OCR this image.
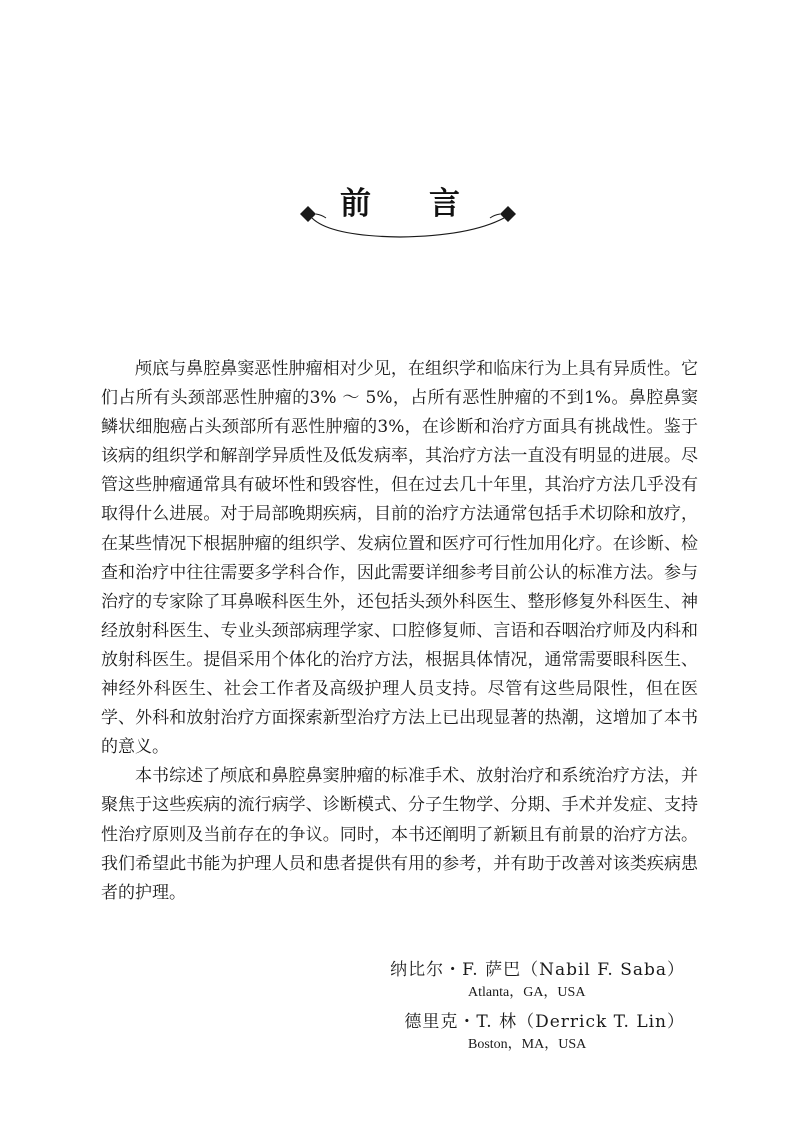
前言

颅底与鼻腔鼻窦恶性肿瘤相对少见，在组织学和临床行为上具有异质性。它们占所有头颈部恶性肿瘤的3% ～ 5%，占所有恶性肿瘤的不到1%。鼻腔鼻窦鳞状细胞癌占头颈部所有恶性肿瘤的3%，在诊断和治疗方面具有挑战性。鉴于该病的组织学和解剖学异质性及低发病率，其治疗方法一直没有明显的进展。尽管这些肿瘤通常具有破坏性和毁容性，但在过去几十年里，其治疗方法几乎没有取得什么进展。对于局部晚期疾病，目前的治疗方法通常包括手术切除和放疗，在某些情况下根据肿瘤的组织学、发病位置和医疗可行性加用化疗。在诊断、检查和治疗中往往需要多学科合作，因此需要详细参考目前公认的标准方法。参与治疗的专家除了耳鼻喉科医生外，还包括头颈外科医生、整形修复外科医生、神经放射科医生、专业头颈部病理学家、口腔修复师、言语和吞咽治疗师及内科和放射科医生。提倡采用个体化的治疗方法，根据具体情况，通常需要眼科医生、神经外科医生、社会工作者及高级护理人员支持。尽管有这些局限性，但在医学、外科和放射治疗方面探索新型治疗方法上已出现显著的热潮，这增加了本书的意义。

本书综述了颅底和鼻腔鼻窦肿瘤的标准手术、放射治疗和系统治疗方法，并聚焦于这些疾病的流行病学、诊断模式、分子生物学、分期、手术并发症、支持性治疗原则及当前存在的争议。同时，本书还阐明了新颖且有前景的治疗方法。我们希望此书能为护理人员和患者提供有用的参考，并有助于改善对该类疾病患者的护理。

纳比尔・F. 萨巴（Nabil F. Saba）
Atlanta，GA，USA
德里克・T. 林（Derrick T. Lin）
Boston，MA，USA
